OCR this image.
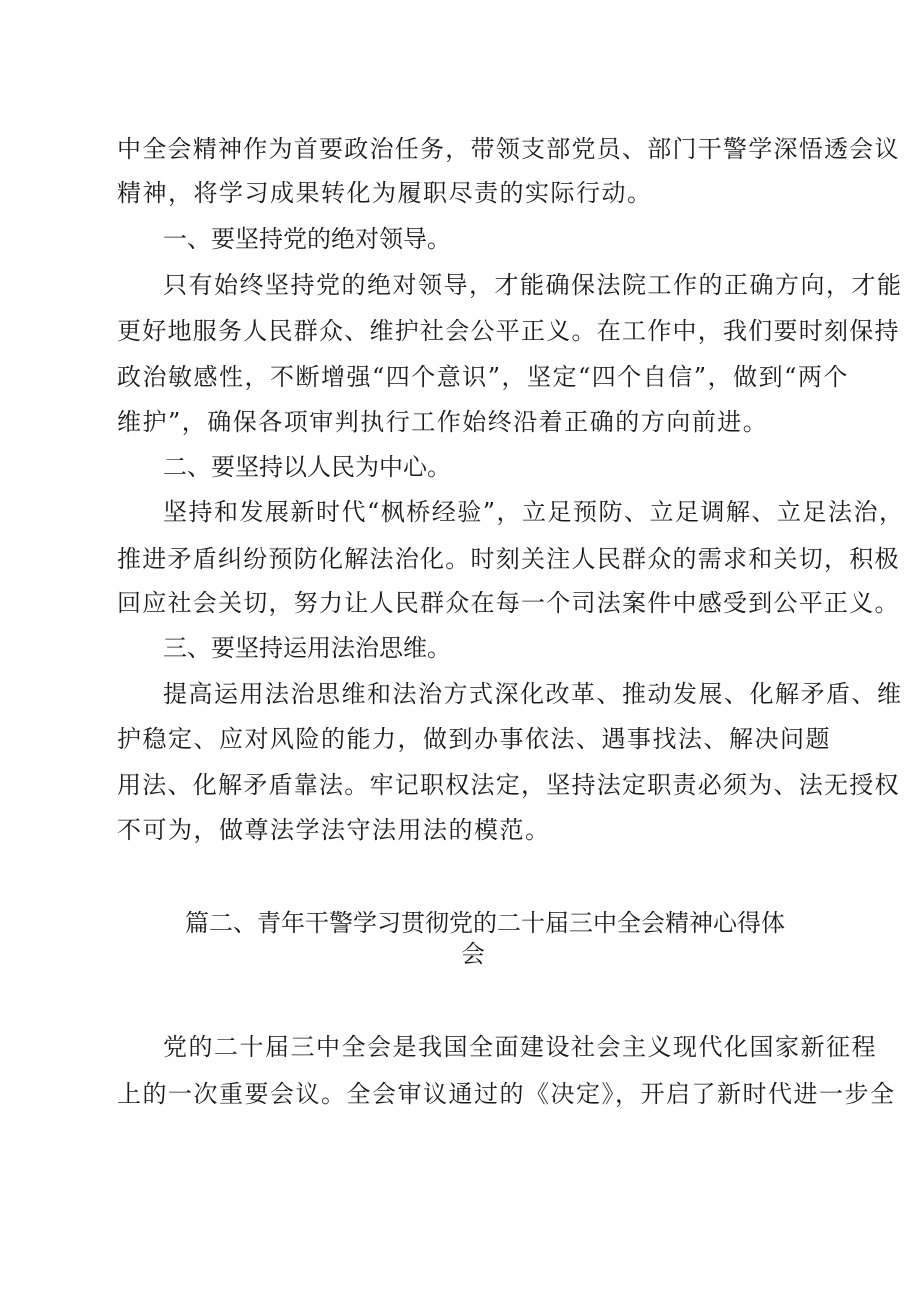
中全会精神作为首要政治任务，带领支部党员、部门干警学深悟透会议
精神，将学习成果转化为履职尽责的实际行动。
一、要坚持党的绝对领导。
只有始终坚持党的绝对领导，才能确保法院工作的正确方向，才能
更好地服务人民群众、维护社会公平正义。在工作中，我们要时刻保持
政治敏感性，不断增强“四个意识”，坚定“四个自信”，做到“两个
维护”，确保各项审判执行工作始终沿着正确的方向前进。
二、要坚持以人民为中心。
坚持和发展新时代“枫桥经验”，立足预防、立足调解、立足法治，
推进矛盾纠纷预防化解法治化。时刻关注人民群众的需求和关切，积极
回应社会关切，努力让人民群众在每一个司法案件中感受到公平正义。
三、要坚持运用法治思维。
提高运用法治思维和法治方式深化改革、推动发展、化解矛盾、维
护稳定、应对风险的能力，做到办事依法、遇事找法、解决问题
用法、化解矛盾靠法。牢记职权法定，坚持法定职责必须为、法无授权
不可为，做尊法学法守法用法的模范。
篇二、青年干警学习贯彻党的二十届三中全会精神心得体
会
党的二十届三中全会是我国全面建设社会主义现代化国家新征程
上的一次重要会议。全会审议通过的《决定》，开启了新时代进一步全
